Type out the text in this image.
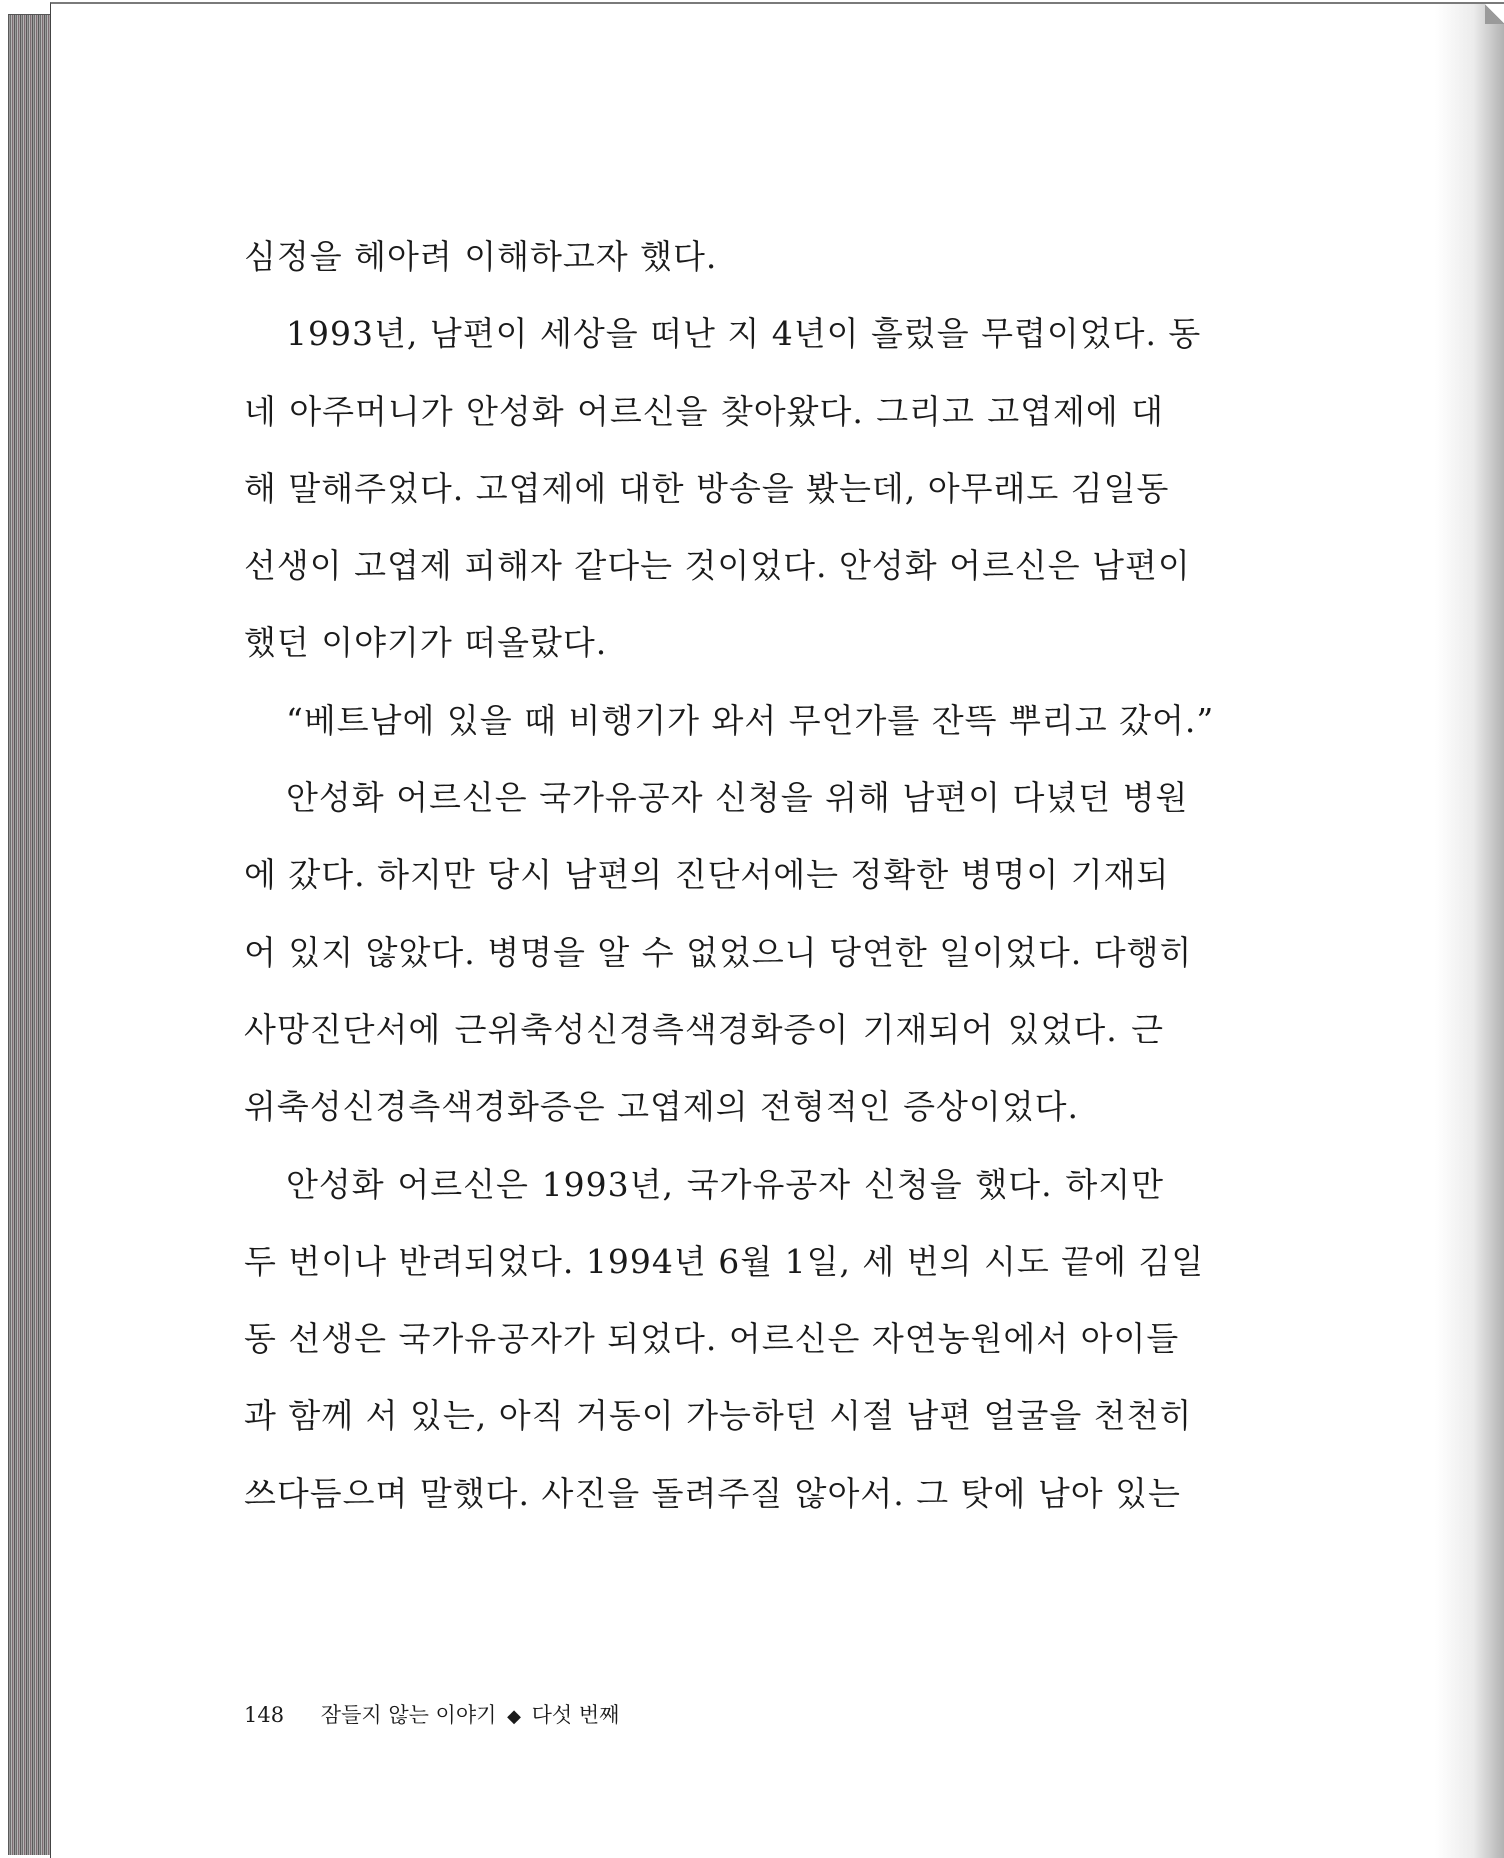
심정을 헤아려 이해하고자 했다.
1993년, 남편이 세상을 떠난 지 4년이 흘렀을 무렵이었다. 동
네 아주머니가 안성화 어르신을 찾아왔다. 그리고 고엽제에 대
해 말해주었다. 고엽제에 대한 방송을 봤는데, 아무래도 김일동
선생이 고엽제 피해자 같다는 것이었다. 안성화 어르신은 남편이
했던 이야기가 떠올랐다.
“베트남에 있을 때 비행기가 와서 무언가를 잔뜩 뿌리고 갔어.”
안성화 어르신은 국가유공자 신청을 위해 남편이 다녔던 병원
에 갔다. 하지만 당시 남편의 진단서에는 정확한 병명이 기재되
어 있지 않았다. 병명을 알 수 없었으니 당연한 일이었다. 다행히
사망진단서에 근위축성신경측색경화증이 기재되어 있었다. 근
위축성신경측색경화증은 고엽제의 전형적인 증상이었다.
안성화 어르신은 1993년, 국가유공자 신청을 했다. 하지만
두 번이나 반려되었다. 1994년 6월 1일, 세 번의 시도 끝에 김일
동 선생은 국가유공자가 되었다. 어르신은 자연농원에서 아이들
과 함께 서 있는, 아직 거동이 가능하던 시절 남편 얼굴을 천천히
쓰다듬으며 말했다. 사진을 돌려주질 않아서. 그 탓에 남아 있는
148 잠들지 않는 이야기 ◆ 다섯 번째
